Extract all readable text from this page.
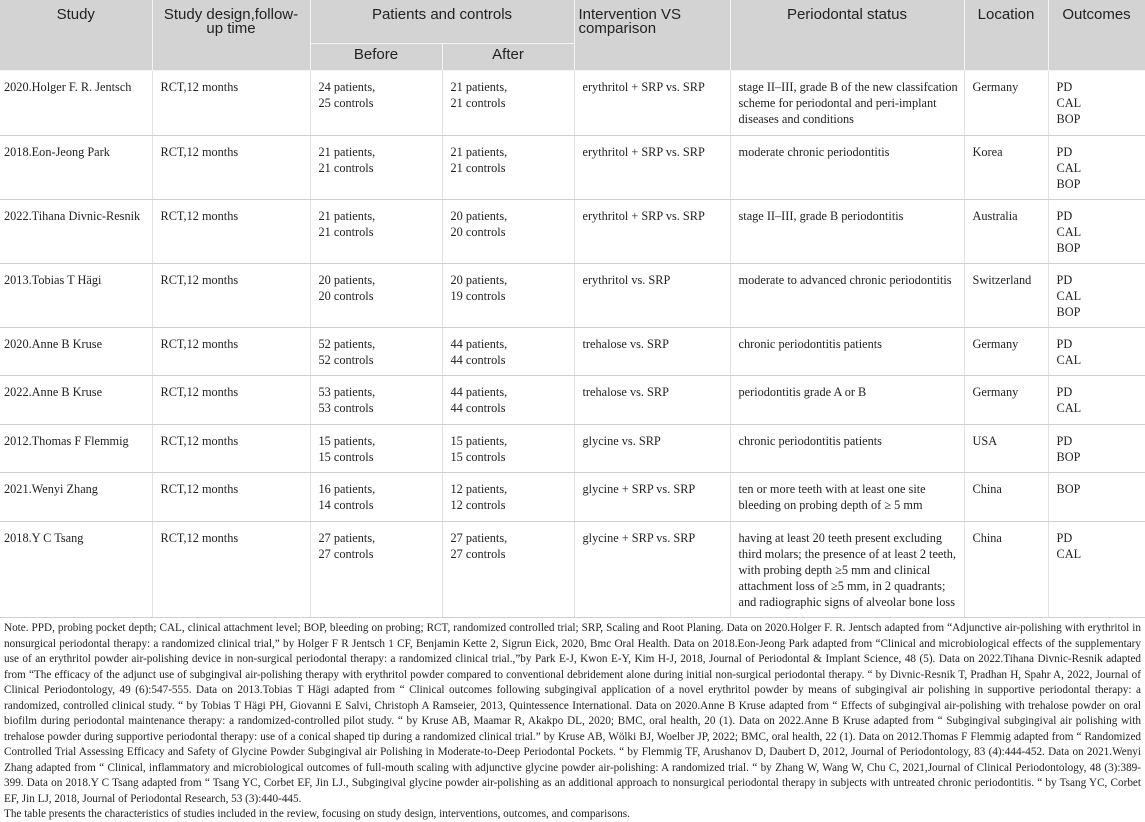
Study	Study design,follow-up time	Patients and controls		Intervention VS comparison	Periodontal status	Location	Outcomes
		Before	After				

2020.Holger F. R. Jentsch	RCT,12 months	24 patients,
25 controls	21 patients,
21 controls	erythritol + SRP vs. SRP	stage II–III, grade B of the new classifcation scheme for periodontal and peri-implant diseases and conditions	Germany	PD
CAL
BOP

2018.Eon-Jeong Park	RCT,12 months	21 patients,
21 controls	21 patients,
21 controls	erythritol + SRP vs. SRP	moderate chronic periodontitis	Korea	PD
CAL
BOP

2022.Tihana Divnic-Resnik	RCT,12 months	21 patients,
21 controls	20 patients,
20 controls	erythritol + SRP vs. SRP	stage II–III, grade B periodontitis	Australia	PD
CAL
BOP

2013.Tobias T Hägi	RCT,12 months	20 patients,
20 controls	20 patients,
19 controls	erythritol vs. SRP	moderate to advanced chronic periodontitis	Switzerland	PD
CAL
BOP

2020.Anne B Kruse	RCT,12 months	52 patients,
52 controls	44 patients,
44 controls	trehalose vs. SRP	chronic periodontitis patients	Germany	PD
CAL

2022.Anne B Kruse	RCT,12 months	53 patients,
53 controls	44 patients,
44 controls	trehalose vs. SRP	periodontitis grade A or B	Germany	PD
CAL

2012.Thomas F Flemmig	RCT,12 months	15 patients,
15 controls	15 patients,
15 controls	glycine vs. SRP	chronic periodontitis patients	USA	PD
BOP

2021.Wenyi Zhang	RCT,12 months	16 patients,
14 controls	12 patients,
12 controls	glycine + SRP vs. SRP	ten or more teeth with at least one site bleeding on probing depth of ≥ 5 mm	China	BOP

2018.Y C Tsang	RCT,12 months	27 patients,
27 controls	27 patients,
27 controls	glycine + SRP vs. SRP	having at least 20 teeth present excluding third molars; the presence of at least 2 teeth, with probing depth ≥5 mm and clinical attachment loss of ≥5 mm, in 2 quadrants; and radiographic signs of alveolar bone loss	China	PD
CAL

Note. PPD, probing pocket depth; CAL, clinical attachment level; BOP, bleeding on probing; RCT, randomized controlled trial; SRP, Scaling and Root Planing. Data on 2020.Holger F. R. Jentsch adapted from “Adjunctive air-polishing with erythritol in nonsurgical periodontal therapy: a randomized clinical trial,” by Holger F R Jentsch 1 CF, Benjamin Kette 2, Sigrun Eick, 2020, Bmc Oral Health. Data on 2018.Eon-Jeong Park adapted from “Clinical and microbiological effects of the supplementary use of an erythritol powder air-polishing device in non-surgical periodontal therapy: a randomized clinical trial.,”by Park E-J, Kwon E-Y, Kim H-J, 2018, Journal of Periodontal & Implant Science, 48 (5). Data on 2022.Tihana Divnic-Resnik adapted from “The efficacy of the adjunct use of subgingival air-polishing therapy with erythritol powder compared to conventional debridement alone during initial non-surgical periodontal therapy. “ by Divnic-Resnik T, Pradhan H, Spahr A, 2022, Journal of Clinical Periodontology, 49 (6):547-555. Data on 2013.Tobias T Hägi adapted from “ Clinical outcomes following subgingival application of a novel erythritol powder by means of subgingival air polishing in supportive periodontal therapy: a randomized, controlled clinical study. “ by Tobias T Hägi PH, Giovanni E Salvi, Christoph A Ramseier, 2013, Quintessence International. Data on 2020.Anne B Kruse adapted from “ Effects of subgingival air-polishing with trehalose powder on oral biofilm during periodontal maintenance therapy: a randomized-controlled pilot study. “ by Kruse AB, Maamar R, Akakpo DL, 2020; BMC, oral health, 20 (1). Data on 2022.Anne B Kruse adapted from “ Subgingival subgingival air polishing with trehalose powder during supportive periodontal therapy: use of a conical shaped tip during a randomized clinical trial.” by Kruse AB, Wölki BJ, Woelber JP, 2022; BMC, oral health, 22 (1). Data on 2012.Thomas F Flemmig adapted from “ Randomized Controlled Trial Assessing Efficacy and Safety of Glycine Powder Subgingival air Polishing in Moderate-to-Deep Periodontal Pockets. “ by Flemmig TF, Arushanov D, Daubert D, 2012, Journal of Periodontology, 83 (4):444-452. Data on 2021.Wenyi Zhang adapted from “ Clinical, inflammatory and microbiological outcomes of full-mouth scaling with adjunctive glycine powder air-polishing: A randomized trial. “ by Zhang W, Wang W, Chu C, 2021,Journal of Clinical Periodontology, 48 (3):389-399. Data on 2018.Y C Tsang adapted from “ Tsang YC, Corbet EF, Jin LJ., Subgingival glycine powder air-polishing as an additional approach to nonsurgical periodontal therapy in subjects with untreated chronic periodontitis. “ by Tsang YC, Corbet EF, Jin LJ, 2018, Journal of Periodontal Research, 53 (3):440-445.

The table presents the characteristics of studies included in the review, focusing on study design, interventions, outcomes, and comparisons.
